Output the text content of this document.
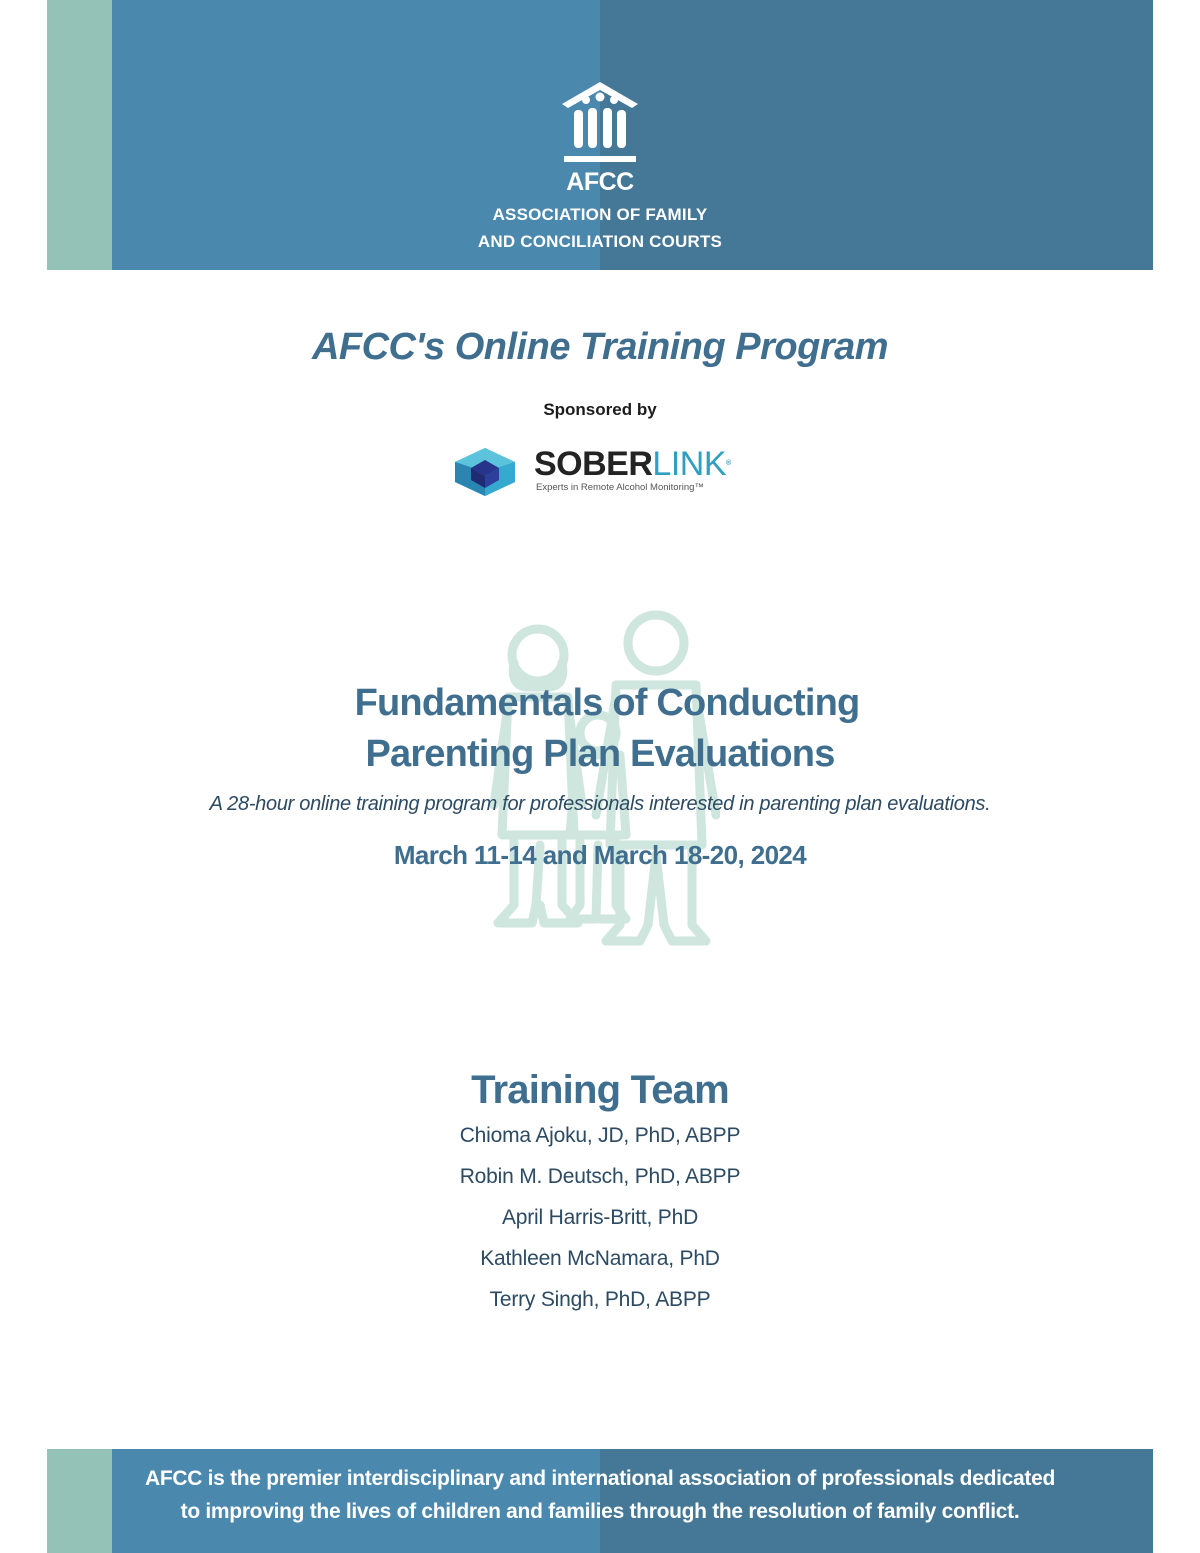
AFCC
ASSOCIATION OF FAMILY
AND CONCILIATION COURTS
AFCC's Online Training Program
Sponsored by
SOBERLINK®
Experts in Remote Alcohol Monitoring™
Fundamentals of Conducting
Parenting Plan Evaluations
A 28-hour online training program for professionals interested in parenting plan evaluations.
March 11-14 and March 18-20, 2024
Training Team
Chioma Ajoku, JD, PhD, ABPP
Robin M. Deutsch, PhD, ABPP
April Harris-Britt, PhD
Kathleen McNamara, PhD
Terry Singh, PhD, ABPP
AFCC is the premier interdisciplinary and international association of professionals dedicated
to improving the lives of children and families through the resolution of family conflict.
